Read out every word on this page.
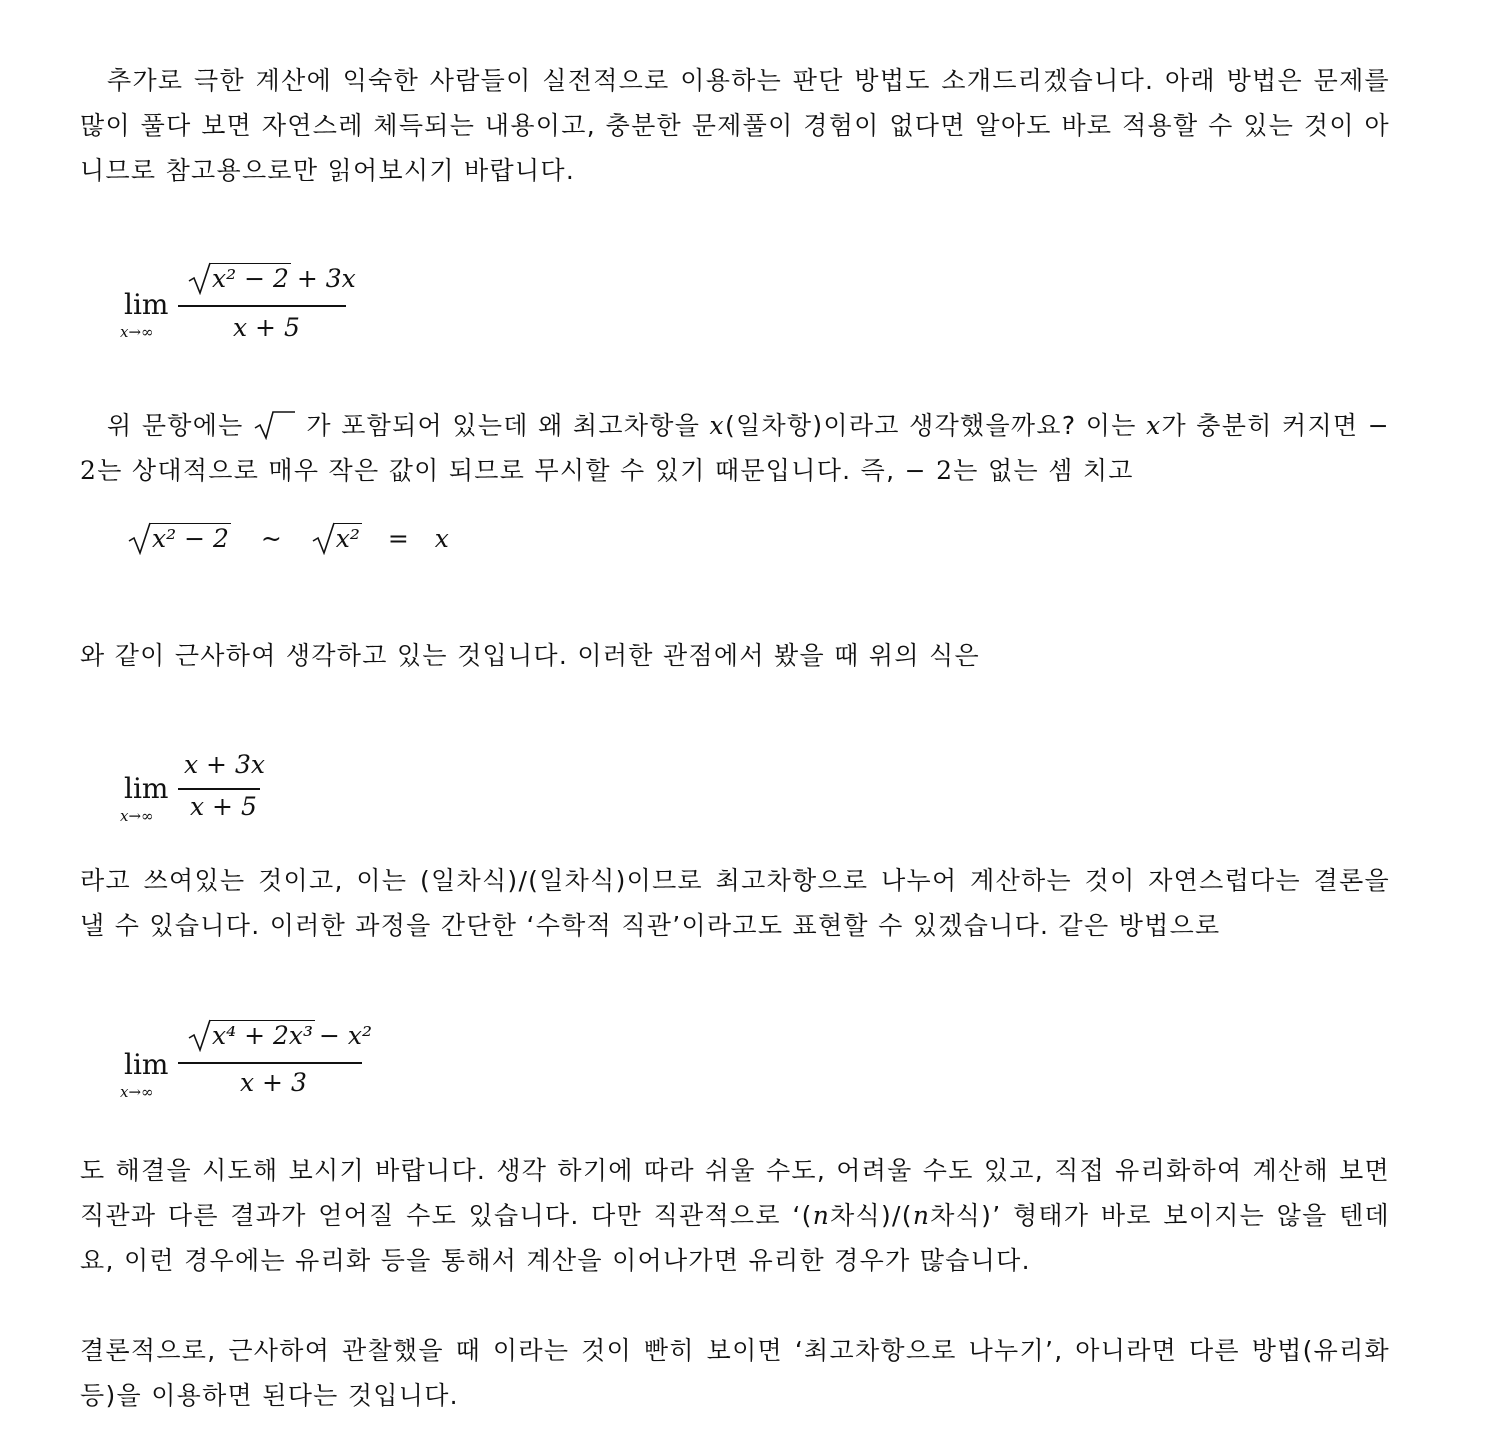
추가로 극한 계산에 익숙한 사람들이 실전적으로 이용하는 판단 방법도 소개드리겠습니다. 아래 방법은 문제를 많이 풀다 보면 자연스레 체득되는 내용이고, 충분한 문제풀이 경험이 없다면 알아도 바로 적용할 수 있는 것이 아니므로 참고용으로만 읽어보시기 바랍니다.

lim
x→∞
x² − 2 + 3x
x + 5

위 문항에는	가 포함되어 있는데 왜 최고차항을 x(일차항)이라고 생각했을까요? 이는 x가 충분히 커지면 − 2는 상대적으로 매우 작은 값이 되므로 무시할 수 있기 때문입니다. 즉, − 2는 없는 셈 치고

x² − 2 ~ x² = x

와 같이 근사하여 생각하고 있는 것입니다. 이러한 관점에서 봤을 때 위의 식은

lim
x→∞
x + 3x
x + 5

라고 쓰여있는 것이고, 이는 (일차식)/(일차식)이므로 최고차항으로 나누어 계산하는 것이 자연스럽다는 결론을 낼 수 있습니다. 이러한 과정을 간단한 ‘수학적 직관’이라고도 표현할 수 있겠습니다. 같은 방법으로

lim
x→∞
x⁴ + 2x³ − x²
x + 3

도 해결을 시도해 보시기 바랍니다. 생각 하기에 따라 쉬울 수도, 어려울 수도 있고, 직접 유리화하여 계산해 보면 직관과 다른 결과가 얻어질 수도 있습니다. 다만 직관적으로 ‘(n차식)/(n차식)’ 형태가 바로 보이지는 않을 텐데요, 이런 경우에는 유리화 등을 통해서 계산을 이어나가면 유리한 경우가 많습니다.

결론적으로, 근사하여 관찰했을 때 이라는 것이 빤히 보이면 ‘최고차항으로 나누기’, 아니라면 다른 방법(유리화 등)을 이용하면 된다는 것입니다.
